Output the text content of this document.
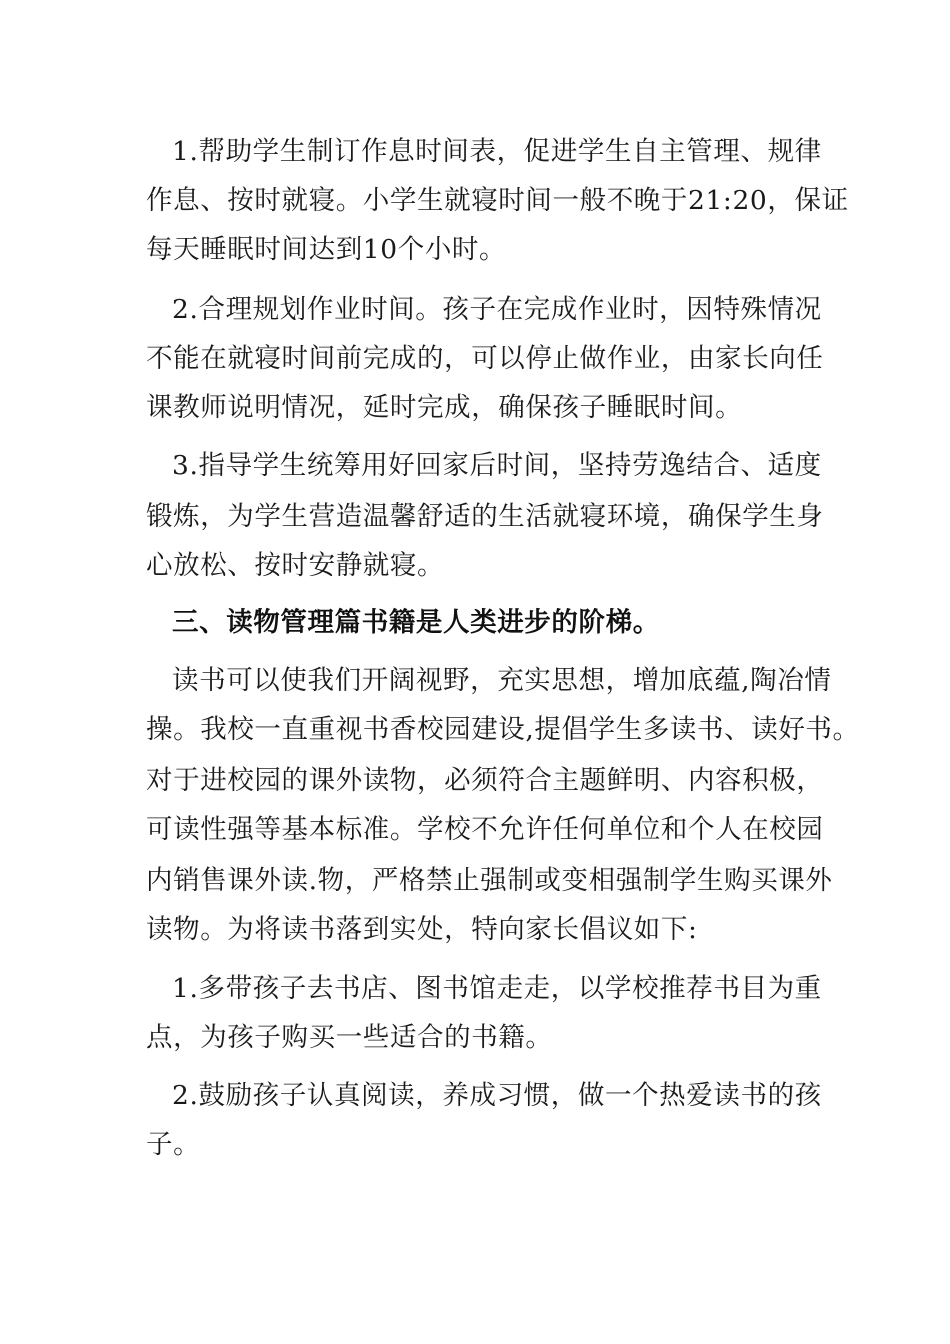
1.帮助学生制订作息时间表，促进学生自主管理、规律
作息、按时就寝。小学生就寝时间一般不晚于21:20，保证
每天睡眠时间达到10个小时。
2.合理规划作业时间。孩子在完成作业时，因特殊情况
不能在就寝时间前完成的，可以停止做作业，由家长向任
课教师说明情况，延时完成，确保孩子睡眠时间。
3.指导学生统筹用好回家后时间，坚持劳逸结合、适度
锻炼，为学生营造温馨舒适的生活就寝环境，确保学生身
心放松、按时安静就寝。
三、读物管理篇书籍是人类进步的阶梯。
读书可以使我们开阔视野，充实思想，增加底蕴,陶冶情
操。我校一直重视书香校园建设,提倡学生多读书、读好书。
对于进校园的课外读物，必须符合主题鲜明、内容积极，
可读性强等基本标准。学校不允许任何单位和个人在校园
内销售课外读.物，严格禁止强制或变相强制学生购买课外
读物。为将读书落到实处，特向家长倡议如下:
1.多带孩子去书店、图书馆走走，以学校推荐书目为重
点，为孩子购买一些适合的书籍。
2.鼓励孩子认真阅读，养成习惯，做一个热爱读书的孩
子。
